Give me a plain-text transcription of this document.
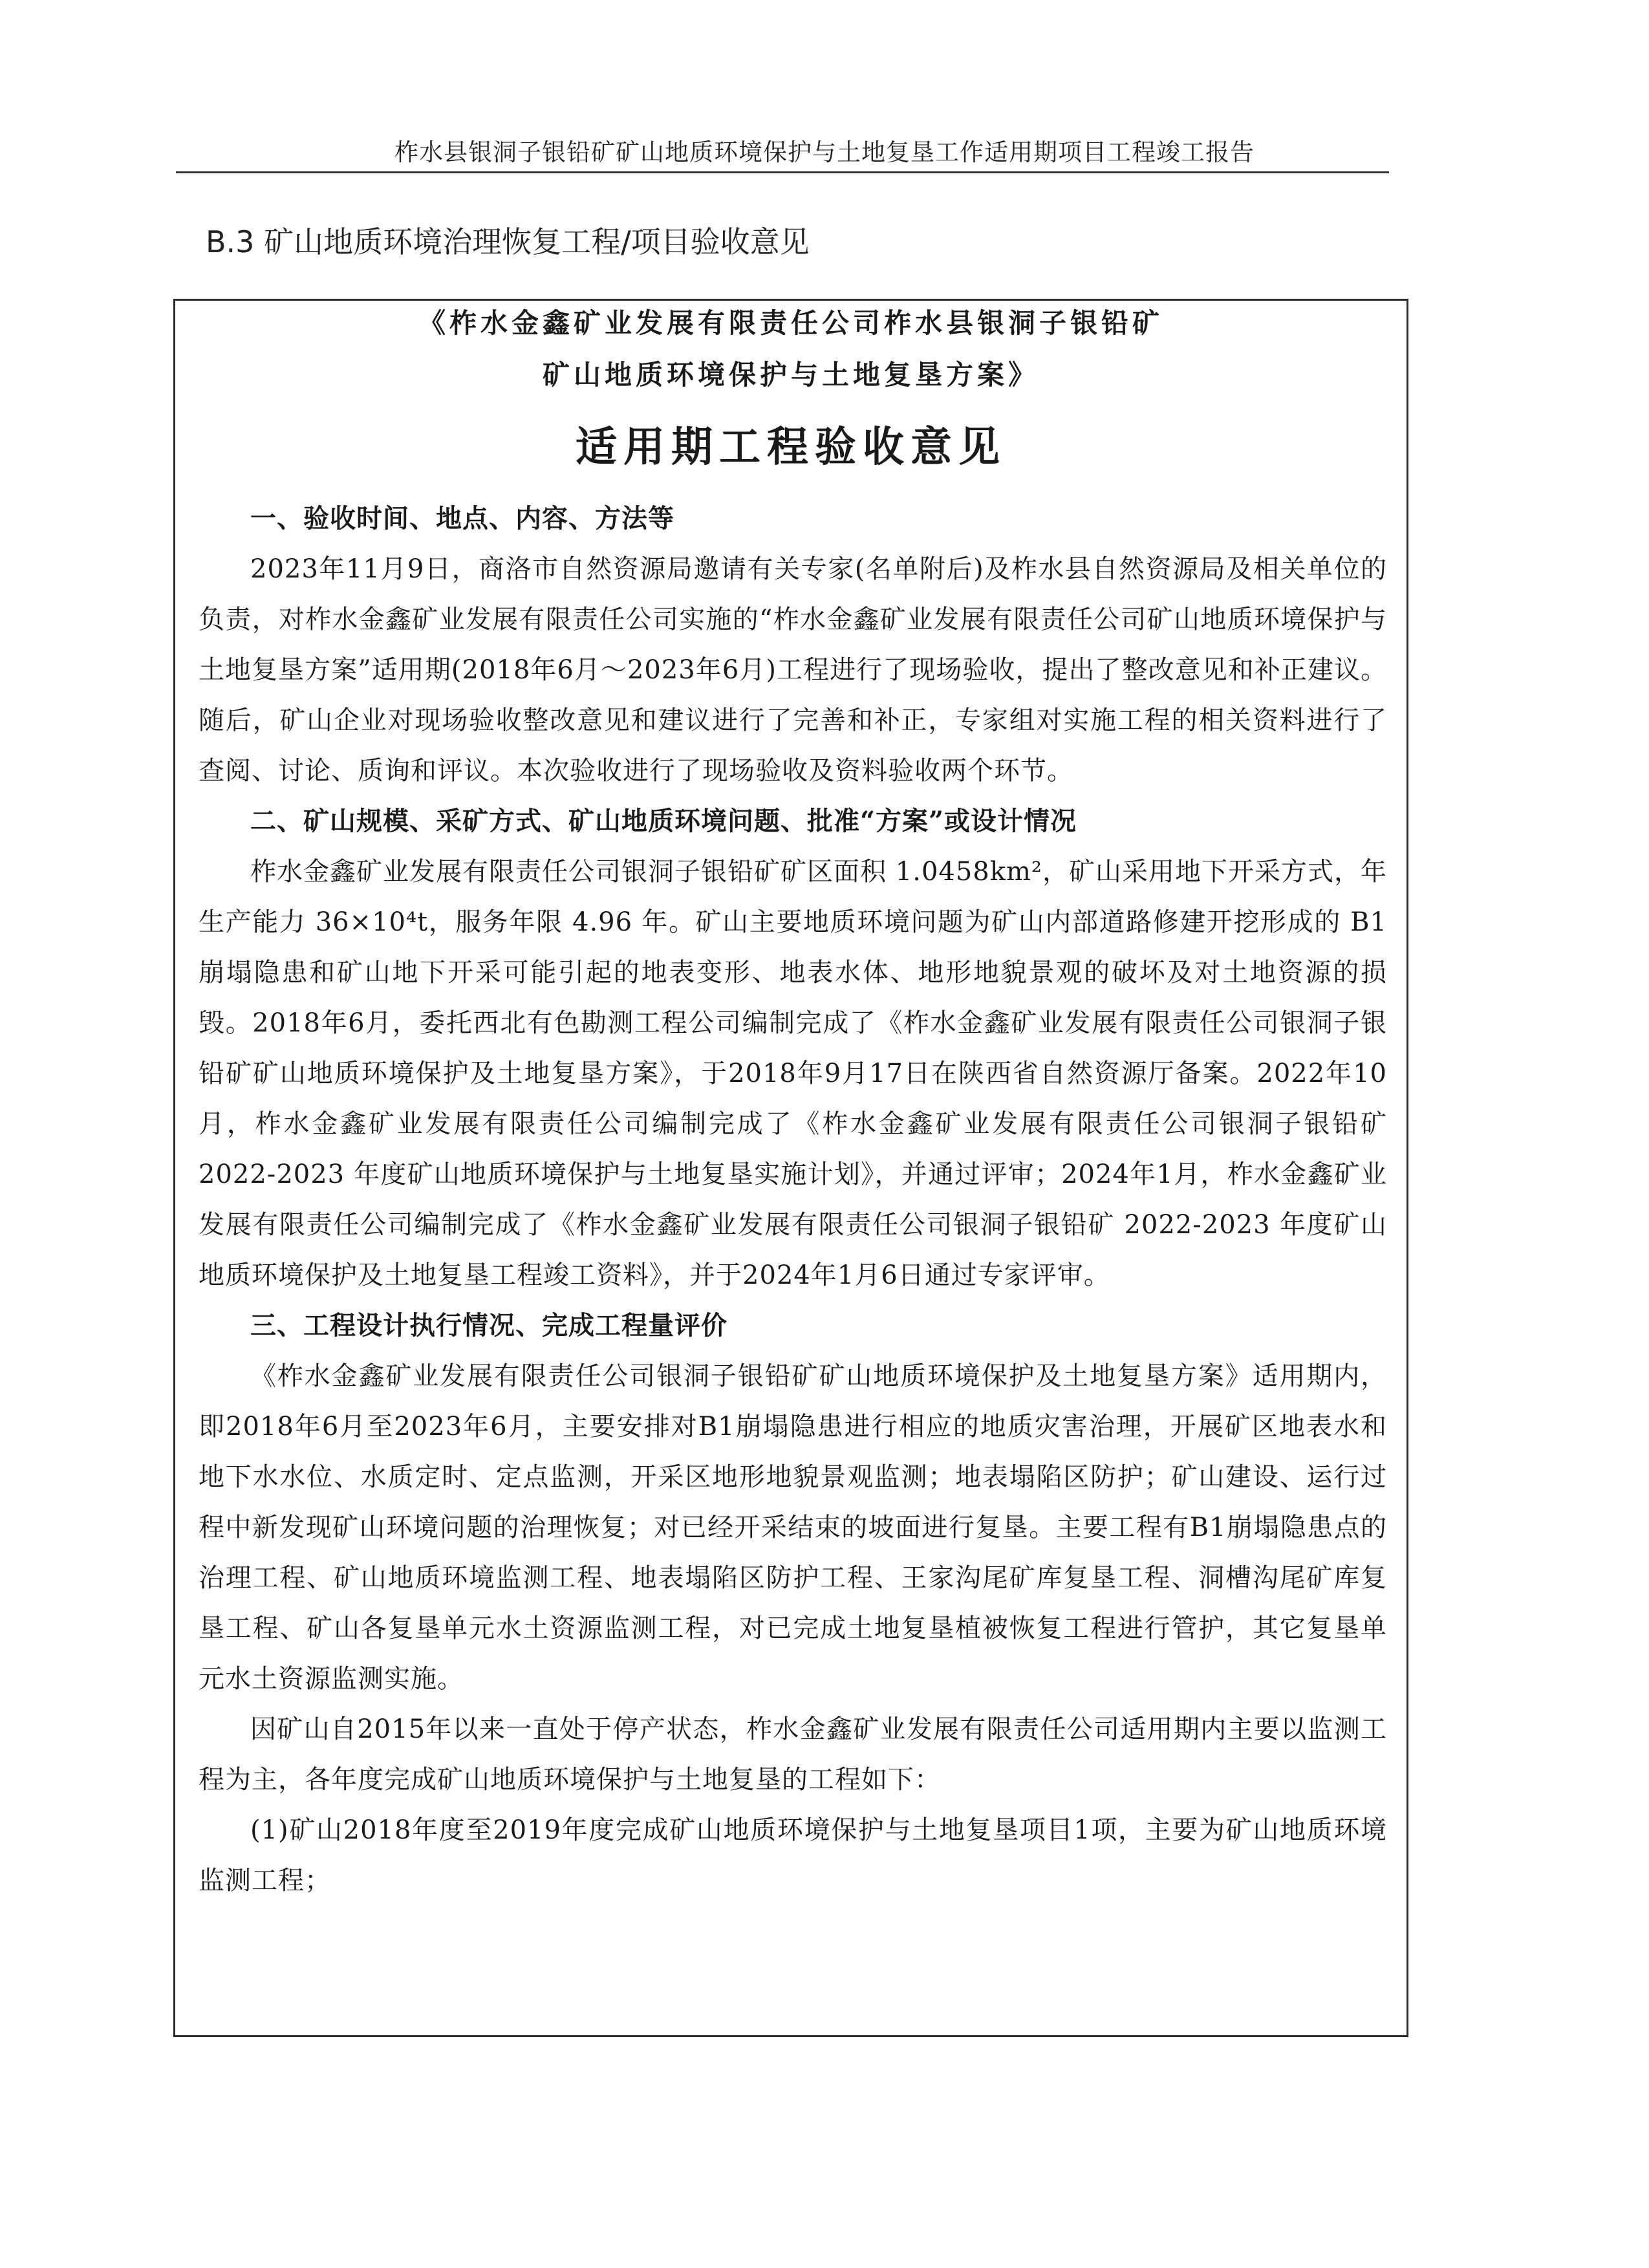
柞水县银洞子银铅矿矿山地质环境保护与土地复垦工作适用期项目工程竣工报告
B.3 矿山地质环境治理恢复工程/项目验收意见
《柞水金鑫矿业发展有限责任公司柞水县银洞子银铅矿
矿山地质环境保护与土地复垦方案》
适用期工程验收意见

一、验收时间、地点、内容、方法等

2023年11月9日，商洛市自然资源局邀请有关专家(名单附后)及柞水县自然资源局及相关单位的负责，对柞水金鑫矿业发展有限责任公司实施的“柞水金鑫矿业发展有限责任公司矿山地质环境保护与土地复垦方案”适用期(2018年6月～2023年6月)工程进行了现场验收，提出了整改意见和补正建议。随后，矿山企业对现场验收整改意见和建议进行了完善和补正，专家组对实施工程的相关资料进行了查阅、讨论、质询和评议。本次验收进行了现场验收及资料验收两个环节。

二、矿山规模、采矿方式、矿山地质环境问题、批准“方案”或设计情况

柞水金鑫矿业发展有限责任公司银洞子银铅矿矿区面积 1.0458km²，矿山采用地下开采方式，年生产能力 36×10⁴t，服务年限 4.96 年。矿山主要地质环境问题为矿山内部道路修建开挖形成的 B1 崩塌隐患和矿山地下开采可能引起的地表变形、地表水体、地形地貌景观的破坏及对土地资源的损毁。2018年6月，委托西北有色勘测工程公司编制完成了《柞水金鑫矿业发展有限责任公司银洞子银铅矿矿山地质环境保护及土地复垦方案》，于2018年9月17日在陕西省自然资源厅备案。2022年10月，柞水金鑫矿业发展有限责任公司编制完成了《柞水金鑫矿业发展有限责任公司银洞子银铅矿2022-2023 年度矿山地质环境保护与土地复垦实施计划》，并通过评审；2024年1月，柞水金鑫矿业发展有限责任公司编制完成了《柞水金鑫矿业发展有限责任公司银洞子银铅矿 2022-2023 年度矿山地质环境保护及土地复垦工程竣工资料》，并于2024年1月6日通过专家评审。

三、工程设计执行情况、完成工程量评价

《柞水金鑫矿业发展有限责任公司银洞子银铅矿矿山地质环境保护及土地复垦方案》适用期内，即2018年6月至2023年6月，主要安排对B1崩塌隐患进行相应的地质灾害治理，开展矿区地表水和地下水水位、水质定时、定点监测，开采区地形地貌景观监测；地表塌陷区防护；矿山建设、运行过程中新发现矿山环境问题的治理恢复；对已经开采结束的坡面进行复垦。主要工程有B1崩塌隐患点的治理工程、矿山地质环境监测工程、地表塌陷区防护工程、王家沟尾矿库复垦工程、洞槽沟尾矿库复垦工程、矿山各复垦单元水土资源监测工程，对已完成土地复垦植被恢复工程进行管护，其它复垦单元水土资源监测实施。

因矿山自2015年以来一直处于停产状态，柞水金鑫矿业发展有限责任公司适用期内主要以监测工程为主，各年度完成矿山地质环境保护与土地复垦的工程如下：

(1)矿山2018年度至2019年度完成矿山地质环境保护与土地复垦项目1项，主要为矿山地质环境监测工程；
